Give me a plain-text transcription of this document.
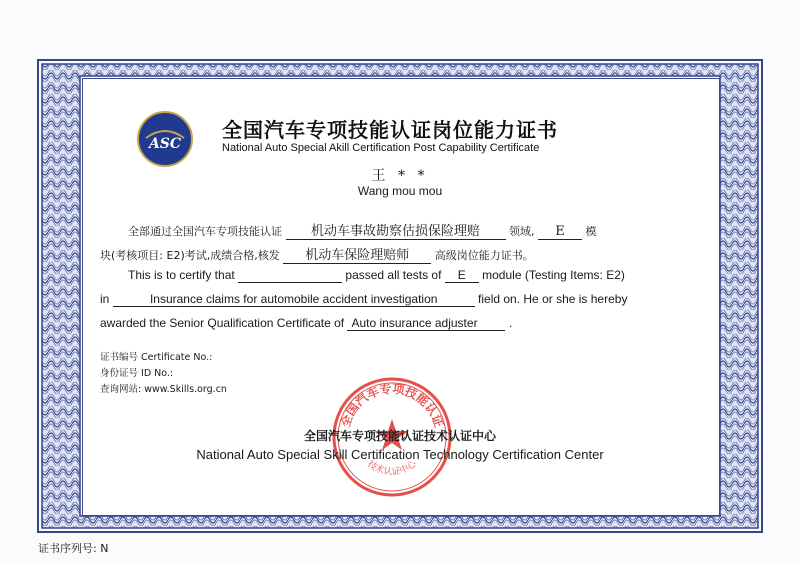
ASC
全国汽车专项技能认证岗位能力证书
National Auto Special Akill Certification Post Capability Certificate
王 * *
Wang mou mou
全部通过全国汽车专项技能认证 机动车事故勘察估损保险理赔	领域, E 模
块(考核项目: E2)考试,成绩合格,核发 机动车保险理赔师 高级岗位能力证书。
This is to certify that	passed all tests of E module (Testing Items: E2)
in	Insurance claims for automobile accident investigation	field on. He or she is hereby
awarded the Senior Qualification Certificate of Auto insurance adjuster	.
证书编号 Certificate No.:
身份证号 ID No.:
查询网站: www.Skills.org.cn
全国汽车专项技能认证
技术认证中心
全国汽车专项技能认证技术认证中心
National Auto Special Skill Certification Technology Certification Center
证书序列号: N
